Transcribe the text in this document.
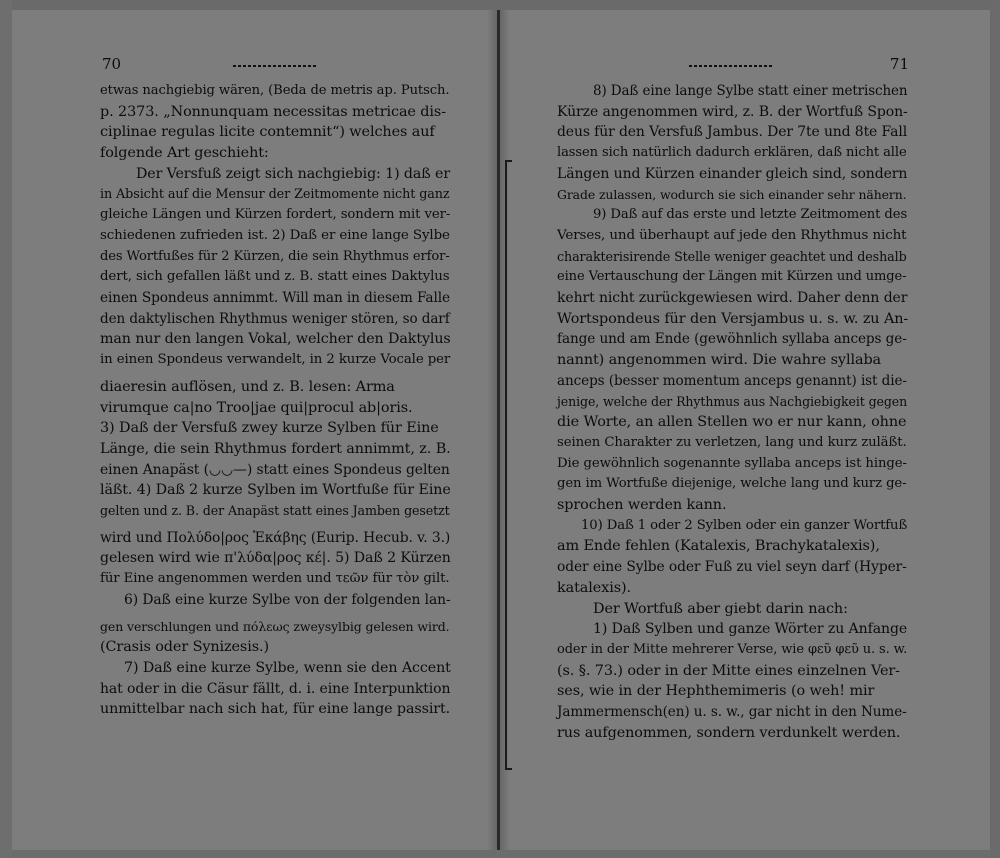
70
etwas nachgiebig wären, (Beda de metris ap. Putsch.
p. 2373. „Nonnunquam necessitas metricae dis-
ciplinae regulas licite contemnit“) welches auf
folgende Art geschieht:
Der Versfuß zeigt sich nachgiebig: 1) daß er
in Absicht auf die Mensur der Zeitmomente nicht ganz
gleiche Längen und Kürzen fordert, sondern mit ver-
schiedenen zufrieden ist. 2) Daß er eine lange Sylbe
des Wortfußes für 2 Kürzen, die sein Rhythmus erfor-
dert, sich gefallen läßt und z. B. statt eines Daktylus
einen Spondeus annimmt. Will man in diesem Falle
den daktylischen Rhythmus weniger stören, so darf
man nur den langen Vokal, welcher den Daktylus
in einen Spondeus verwandelt, in 2 kurze Vocale per
diaeresin auflösen, und z. B. lesen: Arma
virumque ca|no Troo|jae qui|procul ab|oris.
3) Daß der Versfuß zwey kurze Sylben für Eine
Länge, die sein Rhythmus fordert annimmt, z. B.
einen Anapäst (◡◡—) statt eines Spondeus gelten
läßt. 4) Daß 2 kurze Sylben im Wortfuße für Eine
gelten und z. B. der Anapäst statt eines Jamben gesetzt
wird und Πολύδο|ρος Ἑκάβης (Eurip. Hecub. v. 3.)
gelesen wird wie π'λύδα|ρος κέ|. 5) Daß 2 Kürzen
für Eine angenommen werden und τεῶν für τὸν gilt.
6) Daß eine kurze Sylbe von der folgenden lan-
gen verschlungen und πόλεως zweysylbig gelesen wird.
(Crasis oder Synizesis.)
7) Daß eine kurze Sylbe, wenn sie den Accent
hat oder in die Cäsur fällt, d. i. eine Interpunktion
unmittelbar nach sich hat, für eine lange passirt.
71
8) Daß eine lange Sylbe statt einer metrischen
Kürze angenommen wird, z. B. der Wortfuß Spon-
deus für den Versfuß Jambus. Der 7te und 8te Fall
lassen sich natürlich dadurch erklären, daß nicht alle
Längen und Kürzen einander gleich sind, sondern
Grade zulassen, wodurch sie sich einander sehr nähern.
9) Daß auf das erste und letzte Zeitmoment des
Verses, und überhaupt auf jede den Rhythmus nicht
charakterisirende Stelle weniger geachtet und deshalb
eine Vertauschung der Längen mit Kürzen und umge-
kehrt nicht zurückgewiesen wird. Daher denn der
Wortspondeus für den Versjambus u. s. w. zu An-
fange und am Ende (gewöhnlich syllaba anceps ge-
nannt) angenommen wird. Die wahre syllaba
anceps (besser momentum anceps genannt) ist die-
jenige, welche der Rhythmus aus Nachgiebigkeit gegen
die Worte, an allen Stellen wo er nur kann, ohne
seinen Charakter zu verletzen, lang und kurz zuläßt.
Die gewöhnlich sogenannte syllaba anceps ist hinge-
gen im Wortfuße diejenige, welche lang und kurz ge-
sprochen werden kann.
10) Daß 1 oder 2 Sylben oder ein ganzer Wortfuß
am Ende fehlen (Katalexis, Brachykatalexis),
oder eine Sylbe oder Fuß zu viel seyn darf (Hyper-
katalexis).
Der Wortfuß aber giebt darin nach:
1) Daß Sylben und ganze Wörter zu Anfange
oder in der Mitte mehrerer Verse, wie φεῦ φεῦ u. s. w.
(s. §. 73.) oder in der Mitte eines einzelnen Ver-
ses, wie in der Hephthemimeris (o weh! mir
Jammermensch(en) u. s. w., gar nicht in den Nume-
rus aufgenommen, sondern verdunkelt werden.
